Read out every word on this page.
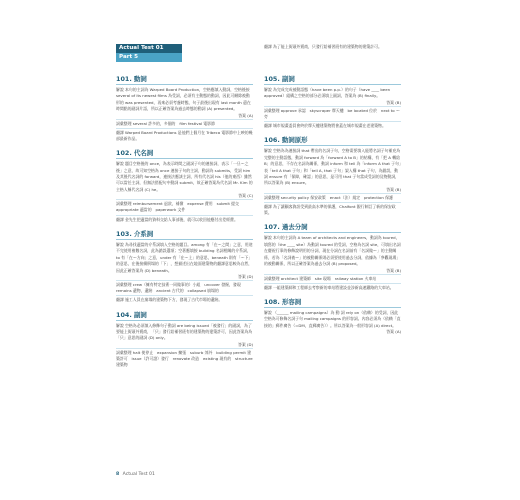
Actual Test 01
Part 5
翻譯 為了能上街頭外賣商，只發行給補習班有的建築物的建築計可。
101. 動詞
解說 本句的主詞為 Warped Board Production，空格應填入動詞，空格後接 several of its newest films 為受詞，必須有主動態的動詞，因此可刪除被動形的 was presented，再來必須考慮時態，句子最後出現有 last month 還在時間點的副詞片語，所以正確答案為過去時態的動詞 (A) presented。
答案 (A)
詞彙整理 several 許多的，多個的　film festival 電影節
翻譯 Warped Board Productions 是他們上個月在 Tribeca 電影節中上映的幾部最新作品。
102. 代名詞
解說 題目空格後的 once，為表示時間之副詞子句的連接詞，表示「一旦～之後」之意，故可知空格為 once 連接子句的主詞，動詞為 submits，受詞 him 及其後代名詞的 forward，連接法應該主詞，所有代名詞 his（他的東西）雖然可以當任主詞，但無法搭配句中動詞 submit，故正確答案為代名詞 Mr. Kim 的主格人稱代名詞 (C) he。
答案 (C)
詞彙整理 reimbursement 退款，補償　expense 費用　submit 提交　appropriate 適當的　paperwork 文件
翻譯 金先生把適當的資料交給人事部後，就可以收回他應付出差經費。
103. 介系詞
解說 為尋找適當的介系詞填入空格的題目。among 有「在～之間」之意，用途不完使用複數名詞，此為錯誤選項；空著應填接 building 名詞相關的介系詞，to 有「在～方向」之意，under 有「在～上」的意思，beneath 則有「～下」的意思，在後接續倒塌的「下」，想描述出在地面建築物的翻譯意思較為自然，因此正確答案為 (D) beneath。
答案 (D)
詞彙整理 crew（擁有特定技術一同做事的）小組　uncover 發掘，發現　remains 遺物，遺跡　ancient 古代的　collapsed 崩塌的
翻譯 施工人員在崩塌的建築物下方，發現了古代市場的遺跡。
104. 副詞
解說 空格為必須填入修飾句子動詞 are being issued「被發行」的副詞，為了要能上街頭外賣商，「只」發行給補習班有的建築物的建築許可，因此答案為為「只」意思的副詞 (D) only。
答案 (D)
詞彙整理 halt 使停止　expansion 擴張　suburb 郊外　building permit 建築許可　issue（許可證）發行　renovate 改造　existing 現有的　structure 建築物
105. 副詞
解說 為完成完成被動語態（have been p.p.）的句子（have ____ been approved）組構之空格的部分必須填上副詞，答案為 (B) finally。
答案 (B)
詞彙整理 approve 承認　skyscraper 摩天樓　be located 位於　next to ～旁
翻譯 城市規畫委員會終於摩天樓建築物將會蓋在城市規畫在老建築物。
106. 動詞原形
解說 空格為為連接詞 that 帶出的名詞子句，空格需要填入能將名詞子句補充為完整的主動語態，動詞 forward 為「forward A to B」的結構，有「把 A 轉給 B」的意思，不存在名詞為關係，動詞 inform 和 tell 為「inform A that 子句」表「tell A that 子句」和「tell A, that 子句」架入構 that 子句，為錯誤，動詞 ensure 有「保障，確認」的意思，是可用 that 子句當成受詞的及物動詞，所以答案為 (B) ensure。
答案 (B)
詞彙整理 security policy 保安政策　enact（法）規定　protection 保護
翻譯 為了讓顧客資訊受到最高水準的保護，Chalfont 銀行制訂了新的保安政策。
107. 過去分詞
解說 本句的主詞為 A team of architects and engineers，動詞為 toured，填寫的（the ____ site）為動詞 toured 的受詞，空格為名詞 site，可填出名詞在慶祝行事的修飾說明用的分詞，現在分詞在名詞前有「名詞做～」的主動關係，若為「名詞被～」的被動關係則必須要使用過去分詞，依據為「參觀現場」的被動關係，所以正確答案為過去分詞 (B) proposed。
答案 (B)
詞彙整理 architect 建築師　site 現場　railway station 火車站
翻譯 一組建築師和工程師去考察新的車站將建設並涉新高速鐵路的大車站。
108. 形容詞
解說 （______ mailing campaigns）為 動 詞 rely on（依賴）的受詞，因此空格為可修飾名詞子句 mailing campaigns 的形容詞。內容必須為（依賴「直接的」郵件廣告（=DM，直郵廣告））。所以答案為一般形容詞 (A) direct。
答案 (A)
8 Actual Test 01
